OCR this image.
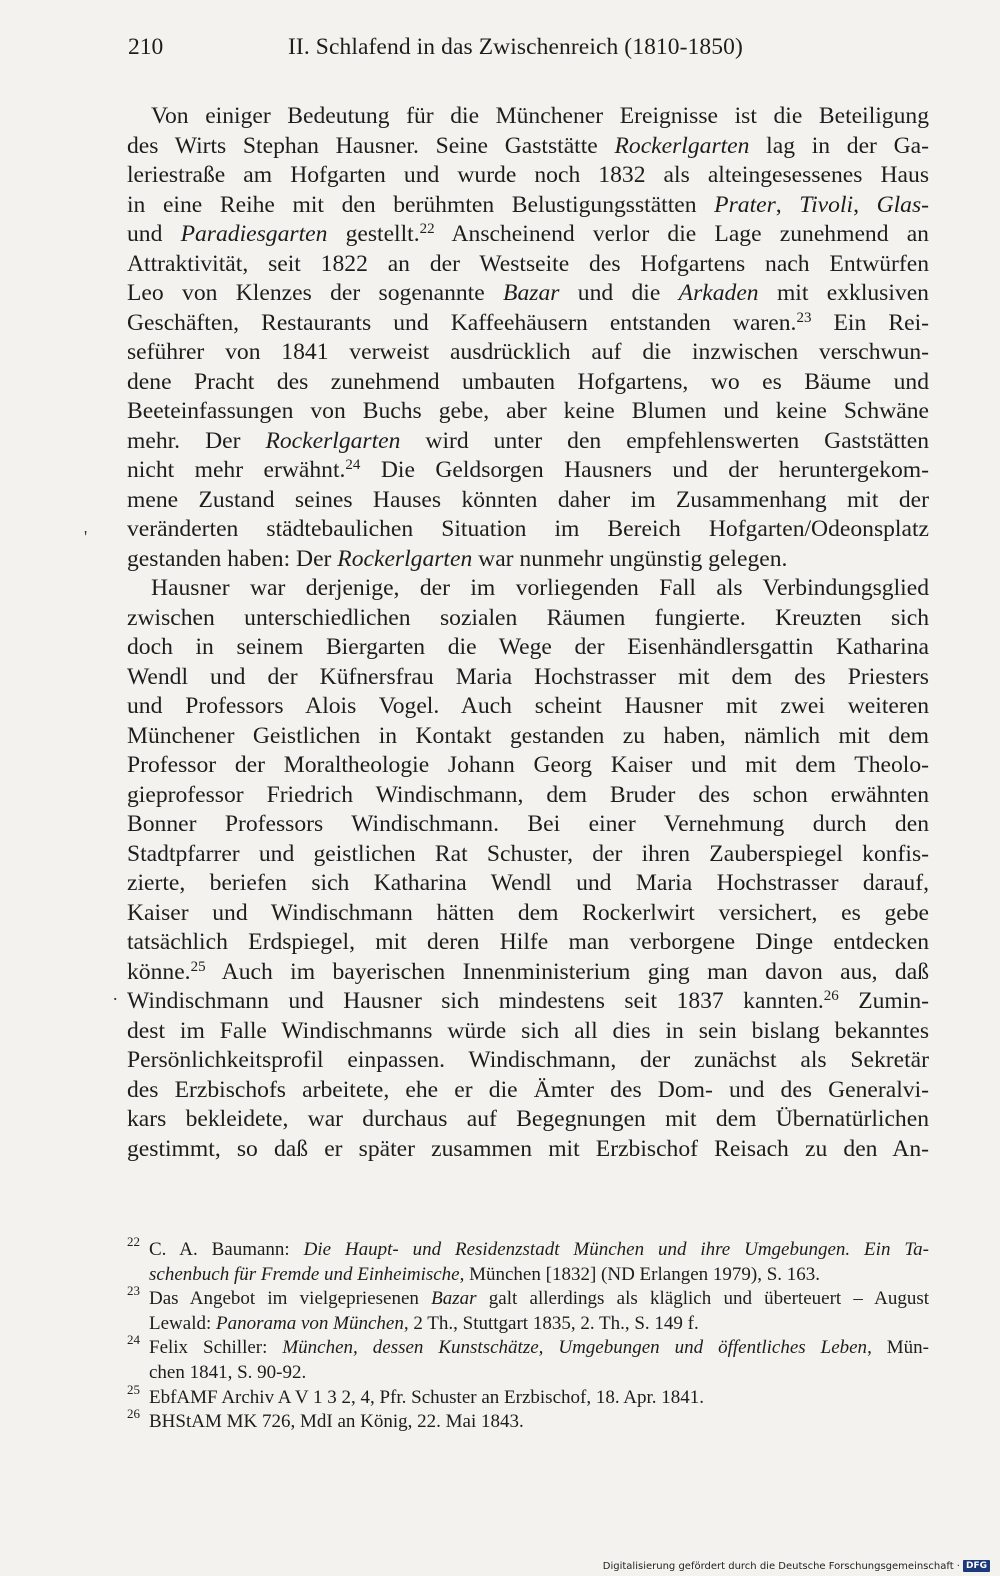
210	II. Schlafend in das Zwischenreich (1810-1850)
'
.
Von einiger Bedeutung für die Münchener Ereignisse ist die Beteiligung
des Wirts Stephan Hausner. Seine Gaststätte Rockerlgarten lag in der Ga-
leriestraße am Hofgarten und wurde noch 1832 als alteingesessenes Haus
in eine Reihe mit den berühmten Belustigungsstätten Prater, Tivoli, Glas-
und Paradiesgarten gestellt.$^{22}$ Anscheinend verlor die Lage zunehmend an
Attraktivität, seit 1822 an der Westseite des Hofgartens nach Entwürfen
Leo von Klenzes der sogenannte Bazar und die Arkaden mit exklusiven
Geschäften, Restaurants und Kaffeehäusern entstanden waren.$^{23}$ Ein Rei-
seführer von 1841 verweist ausdrücklich auf die inzwischen verschwun-
dene Pracht des zunehmend umbauten Hofgartens, wo es Bäume und
Beeteinfassungen von Buchs gebe, aber keine Blumen und keine Schwäne
mehr. Der Rockerlgarten wird unter den empfehlenswerten Gaststätten
nicht mehr erwähnt.$^{24}$ Die Geldsorgen Hausners und der heruntergekom-
mene Zustand seines Hauses könnten daher im Zusammenhang mit der
veränderten städtebaulichen Situation im Bereich Hofgarten/Odeonsplatz
gestanden haben: Der Rockerlgarten war nunmehr ungünstig gelegen.
Hausner war derjenige, der im vorliegenden Fall als Verbindungsglied
zwischen unterschiedlichen sozialen Räumen fungierte. Kreuzten sich
doch in seinem Biergarten die Wege der Eisenhändlersgattin Katharina
Wendl und der Küfnersfrau Maria Hochstrasser mit dem des Priesters
und Professors Alois Vogel. Auch scheint Hausner mit zwei weiteren
Münchener Geistlichen in Kontakt gestanden zu haben, nämlich mit dem
Professor der Moraltheologie Johann Georg Kaiser und mit dem Theolo-
gieprofessor Friedrich Windischmann, dem Bruder des schon erwähnten
Bonner Professors Windischmann. Bei einer Vernehmung durch den
Stadtpfarrer und geistlichen Rat Schuster, der ihren Zauberspiegel konfis-
zierte, beriefen sich Katharina Wendl und Maria Hochstrasser darauf,
Kaiser und Windischmann hätten dem Rockerlwirt versichert, es gebe
tatsächlich Erdspiegel, mit deren Hilfe man verborgene Dinge entdecken
könne.$^{25}$ Auch im bayerischen Innenministerium ging man davon aus, daß
Windischmann und Hausner sich mindestens seit 1837 kannten.$^{26}$ Zumin-
dest im Falle Windischmanns würde sich all dies in sein bislang bekanntes
Persönlichkeitsprofil einpassen. Windischmann, der zunächst als Sekretär
des Erzbischofs arbeitete, ehe er die Ämter des Dom- und des Generalvi-
kars bekleidete, war durchaus auf Begegnungen mit dem Übernatürlichen
gestimmt, so daß er später zusammen mit Erzbischof Reisach zu den An-
22 C. A. Baumann: Die Haupt- und Residenzstadt München und ihre Umgebungen. Ein Ta-
schenbuch für Fremde und Einheimische, München [1832] (ND Erlangen 1979), S. 163.
23 Das Angebot im vielgepriesenen Bazar galt allerdings als kläglich und überteuert – August
Lewald: Panorama von München, 2 Th., Stuttgart 1835, 2. Th., S. 149 f.
24 Felix Schiller: München, dessen Kunstschätze, Umgebungen und öffentliches Leben, Mün-
chen 1841, S. 90-92.
25 EbfAMF Archiv A V 1 3 2, 4, Pfr. Schuster an Erzbischof, 18. Apr. 1841.
26 BHStAM MK 726, MdI an König, 22. Mai 1843.
Digitalisierung gefördert durch die Deutsche Forschungsgemeinschaft · DFG
